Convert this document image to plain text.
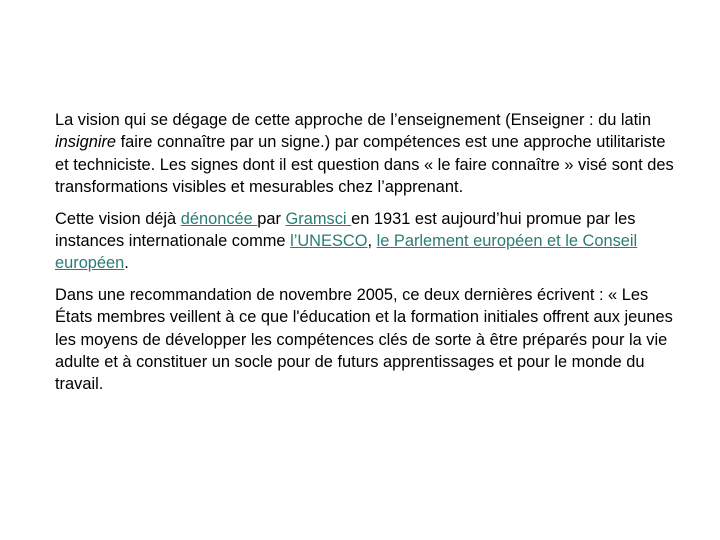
La vision qui se dégage de cette approche de l’enseignement (Enseigner : du latin insignire faire connaître par un signe.) par compétences est une approche utilitariste et techniciste. Les signes dont il est question dans « le faire connaître » visé sont des transformations visibles et mesurables chez l’apprenant.

Cette vision déjà dénoncée par Gramsci en 1931 est aujourd’hui promue par les instances internationale comme l’UNESCO, le Parlement européen et le Conseil européen.

Dans une recommandation de novembre 2005, ce deux dernières écrivent : « Les États membres veillent à ce que l'éducation et la formation initiales offrent aux jeunes les moyens de développer les compétences clés de sorte à être préparés pour la vie adulte et à constituer un socle pour de futurs apprentissages et pour le monde du travail.
